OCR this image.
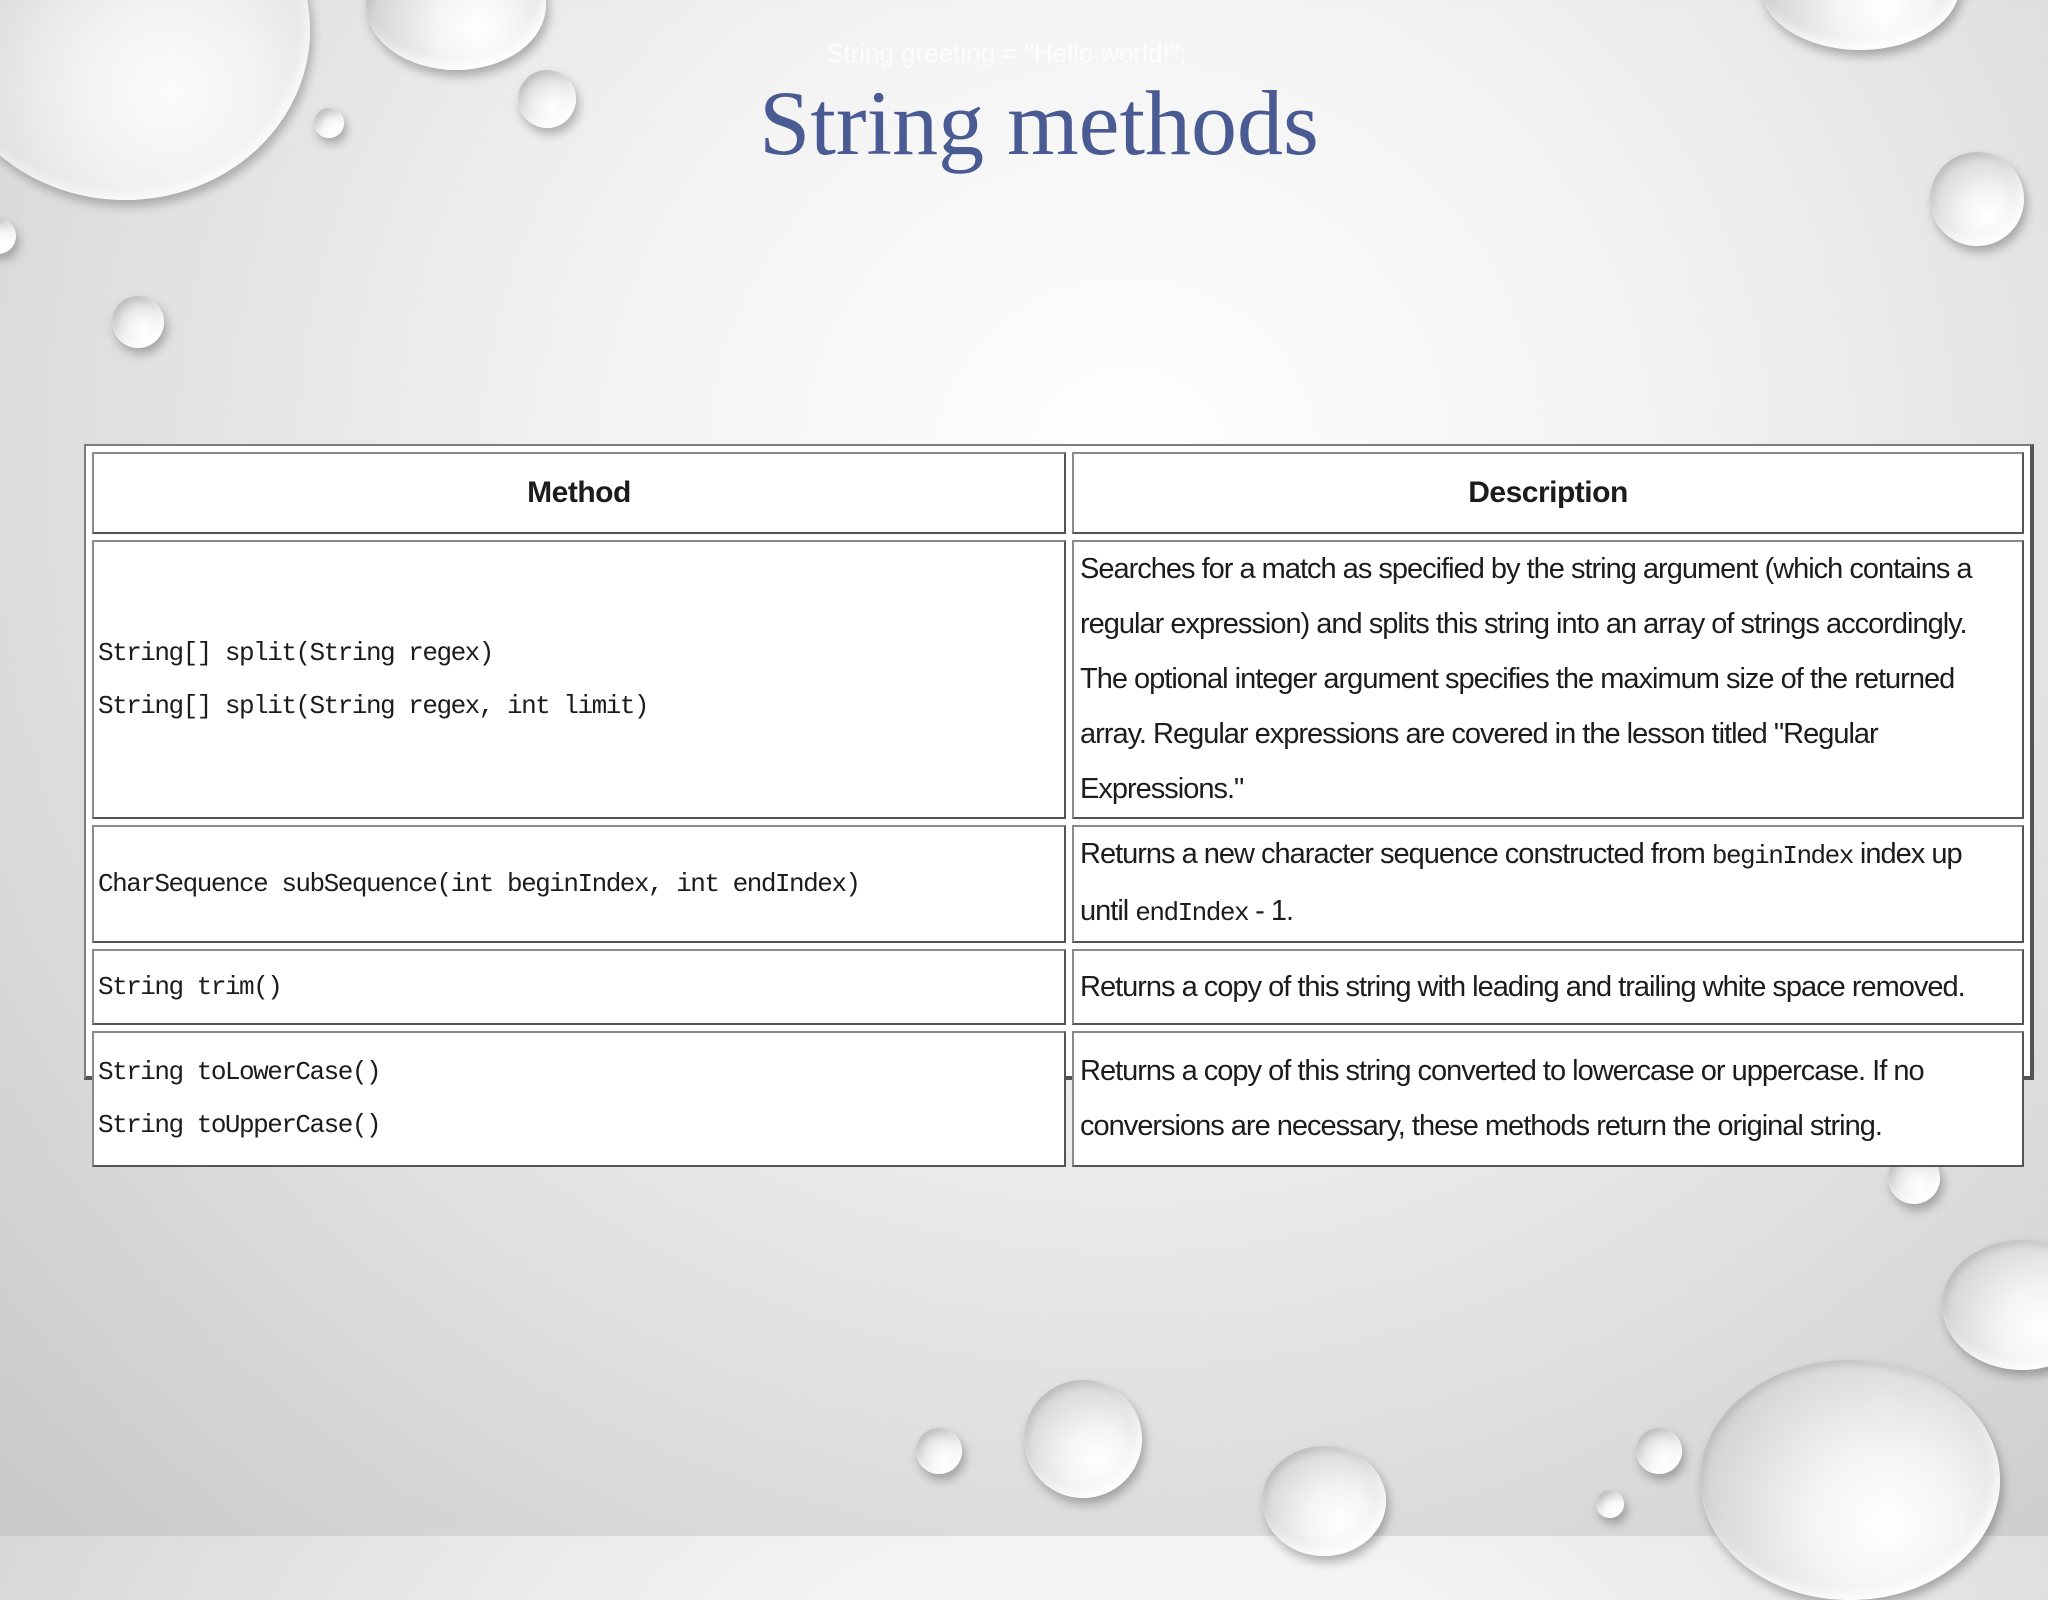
String greeting = "Hello world!";
String methods
Method	Description

String[] split(String regex)
String[] split(String regex, int limit)	Searches for a match as specified by the string argument (which contains a regular expression) and splits this string into an array of strings accordingly. The optional integer argument specifies the maximum size of the returned array. Regular expressions are covered in the lesson titled "Regular Expressions."

CharSequence subSequence(int beginIndex, int endIndex)	Returns a new character sequence constructed from beginIndex index up until endIndex - 1.

String trim()	Returns a copy of this string with leading and trailing white space removed.

String toLowerCase()
String toUpperCase()	Returns a copy of this string converted to lowercase or uppercase. If no conversions are necessary, these methods return the original string.
